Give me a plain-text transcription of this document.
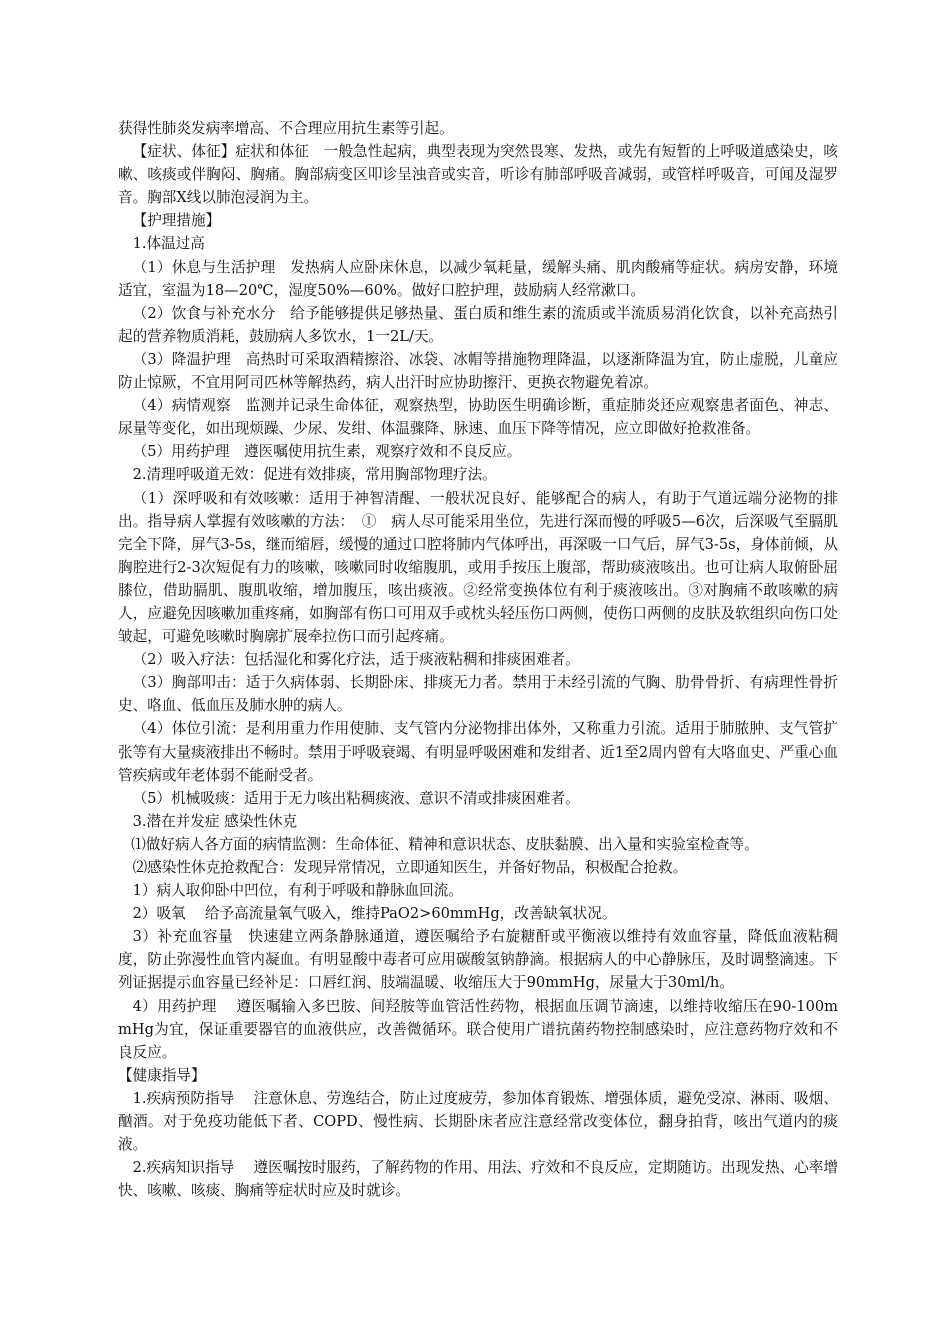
获得性肺炎发病率增高、不合理应用抗生素等引起。

【症状、体征】症状和体征　一般急性起病，典型表现为突然畏寒、发热，或先有短暂的上呼吸道感染史，咳嗽、咳痰或伴胸闷、胸痛。胸部病变区叩诊呈浊音或实音，听诊有肺部呼吸音减弱，或管样呼吸音，可闻及湿罗音。胸部X线以肺泡浸润为主。

【护理措施】

1.体温过高

（1）休息与生活护理　发热病人应卧床休息，以减少氧耗量，缓解头痛、肌肉酸痛等症状。病房安静，环境适宜，室温为18—20℃，湿度50%—60%。做好口腔护理，鼓励病人经常漱口。

（2）饮食与补充水分　给予能够提供足够热量、蛋白质和维生素的流质或半流质易消化饮食，以补充高热引起的营养物质消耗，鼓励病人多饮水，1一2L/天。

（3）降温护理　高热时可采取酒精擦浴、冰袋、冰帽等措施物理降温，以逐渐降温为宜，防止虚脱，儿童应防止惊厥，不宜用阿司匹林等解热药，病人出汗时应协助擦汗、更换衣物避免着凉。

（4）病情观察　监测并记录生命体征，观察热型，协助医生明确诊断，重症肺炎还应观察患者面色、神志、尿量等变化，如出现烦躁、少尿、发绀、体温骤降、脉速、血压下降等情况，应立即做好抢救准备。

（5）用药护理　遵医嘱使用抗生素，观察疗效和不良反应。

2.清理呼吸道无效：促进有效排痰，常用胸部物理疗法。

（1）深呼吸和有效咳嗽：适用于神智清醒、一般状况良好、能够配合的病人，有助于气道远端分泌物的排出。指导病人掌握有效咳嗽的方法：　①　病人尽可能采用坐位，先进行深而慢的呼吸5—6次，后深吸气至膈肌完全下降，屏气3-5s，继而缩唇，缓慢的通过口腔将肺内气体呼出，再深吸一口气后，屏气3-5s，身体前倾，从胸腔进行2-3次短促有力的咳嗽，咳嗽同时收缩腹肌，或用手按压上腹部，帮助痰液咳出。也可让病人取俯卧屈膝位，借助膈肌、腹肌收缩，增加腹压，咳出痰液。②经常变换体位有利于痰液咳出。③对胸痛不敢咳嗽的病人，应避免因咳嗽加重疼痛，如胸部有伤口可用双手或枕头轻压伤口两侧，使伤口两侧的皮肤及软组织向伤口处皱起，可避免咳嗽时胸廓扩展牵拉伤口而引起疼痛。

（2）吸入疗法：包括湿化和雾化疗法，适于痰液粘稠和排痰困难者。

（3）胸部叩击：适于久病体弱、长期卧床、排痰无力者。禁用于未经引流的气胸、肋骨骨折、有病理性骨折史、咯血、低血压及肺水肿的病人。

（4）体位引流：是利用重力作用使肺、支气管内分泌物排出体外，又称重力引流。适用于肺脓肿、支气管扩张等有大量痰液排出不畅时。禁用于呼吸衰竭、有明显呼吸困难和发绀者、近1至2周内曾有大咯血史、严重心血管疾病或年老体弱不能耐受者。

（5）机械吸痰：适用于无力咳出粘稠痰液、意识不清或排痰困难者。

3.潜在并发症 感染性休克

⑴做好病人各方面的病情监测：生命体征、精神和意识状态、皮肤黏膜、出入量和实验室检查等。

⑵感染性休克抢救配合：发现异常情况，立即通知医生，并备好物品，积极配合抢救。

1）病人取仰卧中凹位，有利于呼吸和静脉血回流。

2）吸氧　 给予高流量氧气吸入，维持PaO2>60mmHg，改善缺氧状况。

3）补充血容量　快速建立两条静脉通道，遵医嘱给予右旋糖酐或平衡液以维持有效血容量，降低血液粘稠度，防止弥漫性血管内凝血。有明显酸中毒者可应用碳酸氢钠静滴。根据病人的中心静脉压，及时调整滴速。下列证据提示血容量已经补足：口唇红润、肢端温暖、收缩压大于90mmHg，尿量大于30ml/h。

4）用药护理　 遵医嘱输入多巴胺、间羟胺等血管活性药物，根据血压调节滴速，以维持收缩压在90-100mmHg为宜，保证重要器官的血液供应，改善微循环。联合使用广谱抗菌药物控制感染时，应注意药物疗效和不良反应。

【健康指导】

1.疾病预防指导　 注意休息、劳逸结合，防止过度疲劳，参加体育锻炼、增强体质，避免受凉、淋雨、吸烟、酗酒。对于免疫功能低下者、COPD、慢性病、长期卧床者应注意经常改变体位，翻身拍背，咳出气道内的痰液。

2.疾病知识指导　 遵医嘱按时服药，了解药物的作用、用法、疗效和不良反应，定期随访。出现发热、心率增快、咳嗽、咳痰、胸痛等症状时应及时就诊。
